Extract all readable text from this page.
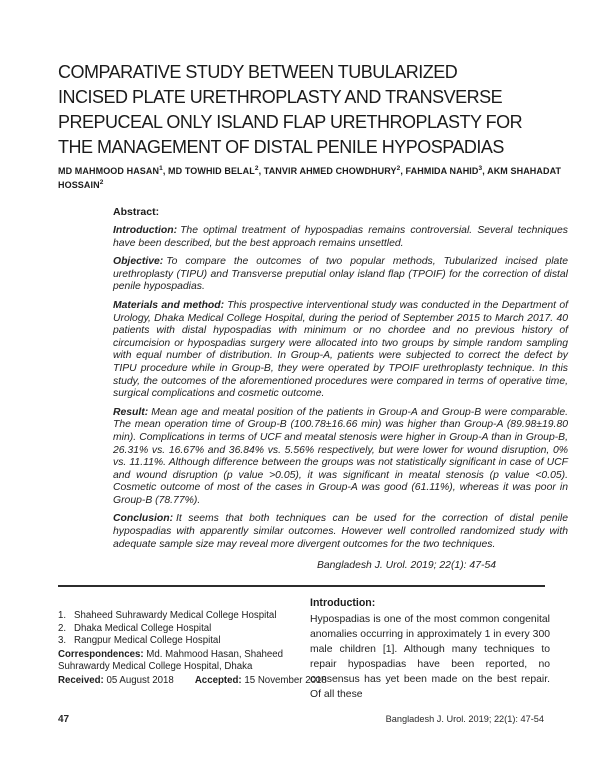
COMPARATIVE STUDY BETWEEN TUBULARIZED
INCISED PLATE URETHROPLASTY AND TRANSVERSE
PREPUCEAL ONLY ISLAND FLAP URETHROPLASTY FOR
THE MANAGEMENT OF DISTAL PENILE HYPOSPADIAS

MD MAHMOOD HASAN$^1$, MD TOWHID BELAL$^2$, TANVIR AHMED CHOWDHURY$^2$, FAHMIDA NAHID$^3$, AKM SHAHADAT HOSSAIN$^2$

Abstract:

Introduction: The optimal treatment of hypospadias remains controversial. Several techniques have been described, but the best approach remains unsettled.

Objective: To compare the outcomes of two popular methods, Tubularized incised plate urethroplasty (TIPU) and Transverse preputial onlay island flap (TPOIF) for the correction of distal penile hypospadias.

Materials and method: This prospective interventional study was conducted in the Department of Urology, Dhaka Medical College Hospital, during the period of September 2015 to March 2017. 40 patients with distal hypospadias with minimum or no chordee and no previous history of circumcision or hypospadias surgery were allocated into two groups by simple random sampling with equal number of distribution. In Group-A, patients were subjected to correct the defect by TIPU procedure while in Group-B, they were operated by TPOIF urethroplasty technique. In this study, the outcomes of the aforementioned procedures were compared in terms of operative time, surgical complications and cosmetic outcome.

Result: Mean age and meatal position of the patients in Group-A and Group-B were comparable. The mean operation time of Group-B (100.78±16.66 min) was higher than Group-A (89.98±19.80 min). Complications in terms of UCF and meatal stenosis were higher in Group-A than in Group-B, 26.31% vs. 16.67% and 36.84% vs. 5.56% respectively, but were lower for wound disruption, 0% vs. 11.11%. Although difference between the groups was not statistically significant in case of UCF and wound disruption (p value >0.05), it was significant in meatal stenosis (p value <0.05). Cosmetic outcome of most of the cases in Group-A was good (61.11%), whereas it was poor in Group-B (78.77%).

Conclusion: It seems that both techniques can be used for the correction of distal penile hypospadias with apparently similar outcomes. However well controlled randomized study with adequate sample size may reveal more divergent outcomes for the two techniques.

Bangladesh J. Urol. 2019; 22(1): 47-54
1. Shaheed Suhrawardy Medical College Hospital
2. Dhaka Medical College Hospital
3. Rangpur Medical College Hospital

Correspondences: Md. Mahmood Hasan, Shaheed Suhrawardy Medical College Hospital, Dhaka

Received: 05 August 2018 Accepted: 15 November 2018

Introduction:

Hypospadias is one of the most common congenital anomalies occurring in approximately 1 in every 300 male children [1]. Although many techniques to repair hypospadias have been reported, no consensus has yet been made on the best repair. Of all these

47	Bangladesh J. Urol. 2019; 22(1): 47-54
